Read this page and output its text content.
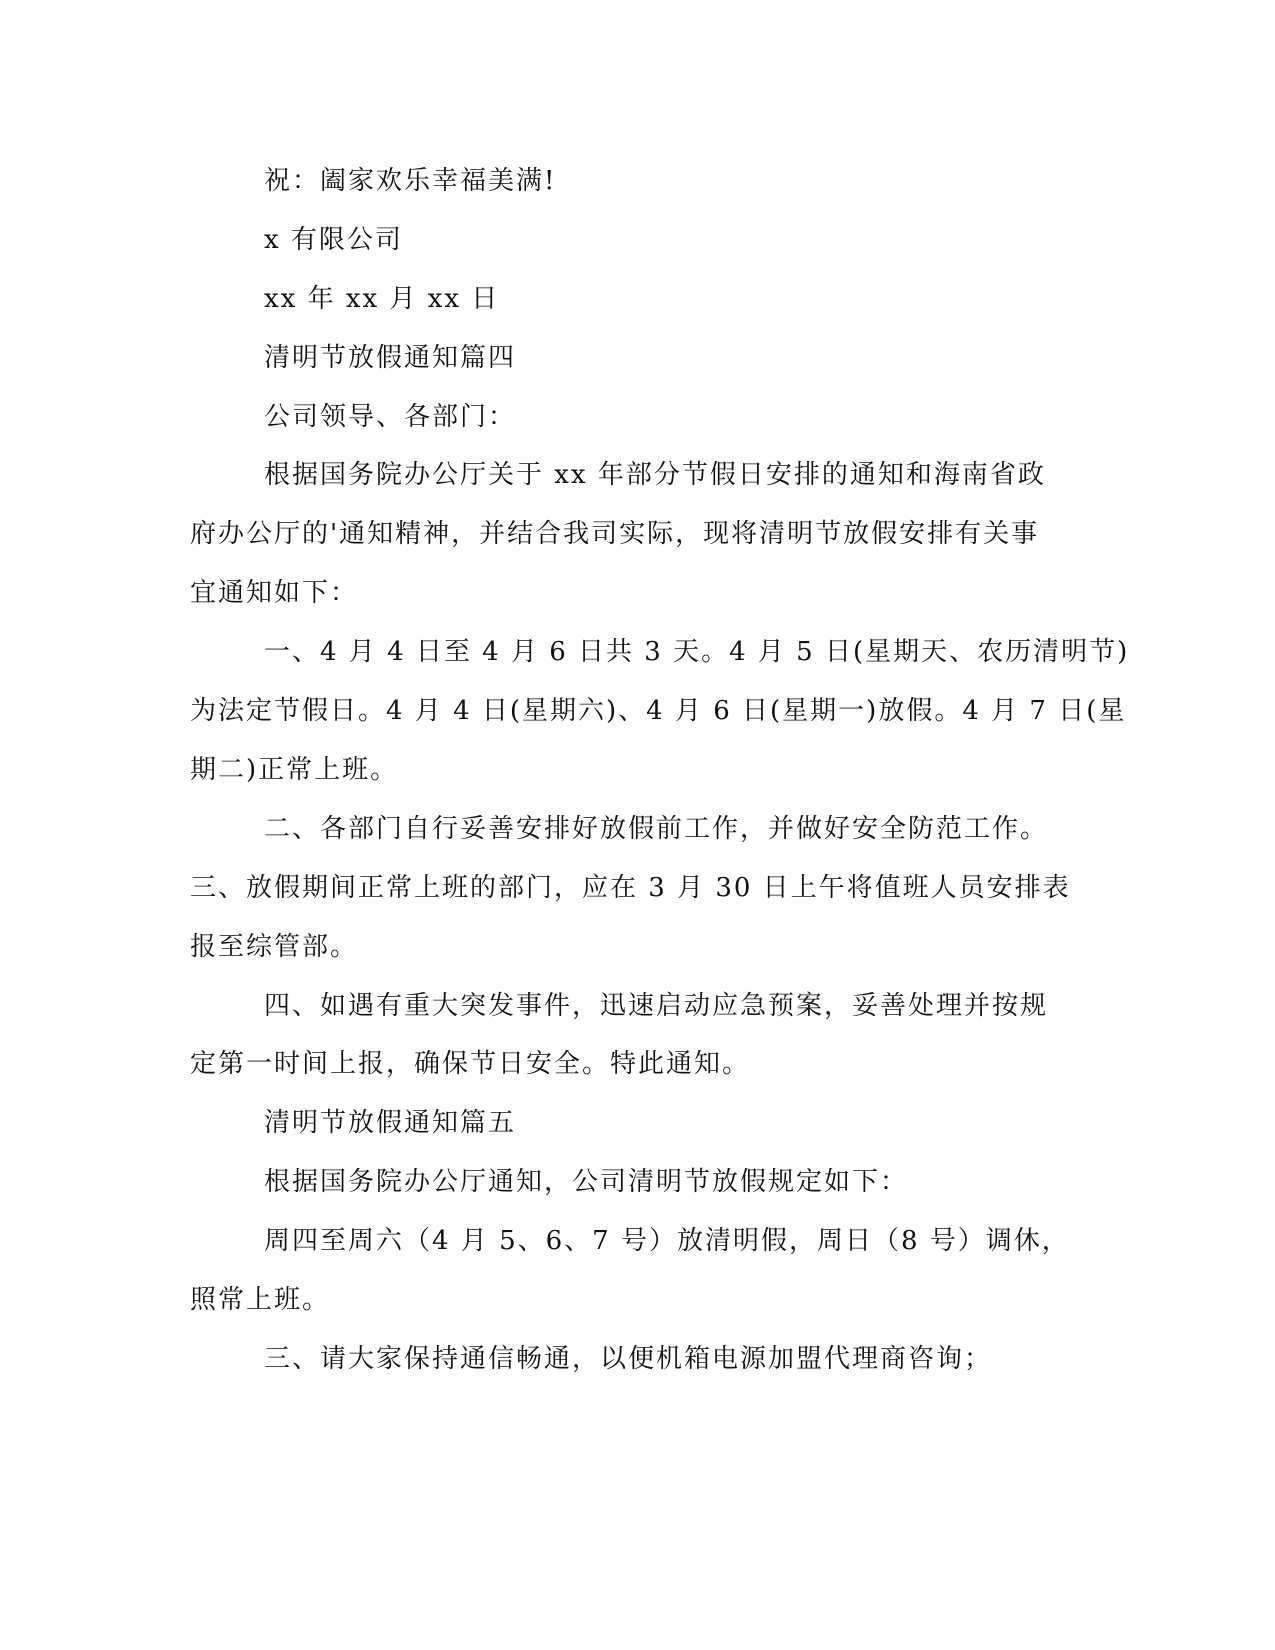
祝：阖家欢乐幸福美满!
x 有限公司
xx 年 xx 月 xx 日
清明节放假通知篇四
公司领导、各部门：
根据国务院办公厅关于 xx 年部分节假日安排的通知和海南省政
府办公厅的'通知精神，并结合我司实际，现将清明节放假安排有关事
宜通知如下：
一、4 月 4 日至 4 月 6 日共 3 天。4 月 5 日(星期天、农历清明节)
为法定节假日。4 月 4 日(星期六)、4 月 6 日(星期一)放假。4 月 7 日(星
期二)正常上班。
二、各部门自行妥善安排好放假前工作，并做好安全防范工作。
三、放假期间正常上班的部门，应在 3 月 30 日上午将值班人员安排表
报至综管部。
四、如遇有重大突发事件，迅速启动应急预案，妥善处理并按规
定第一时间上报，确保节日安全。特此通知。
清明节放假通知篇五
根据国务院办公厅通知，公司清明节放假规定如下：
周四至周六（4 月 5、6、7 号）放清明假，周日（8 号）调休，
照常上班。
三、请大家保持通信畅通，以便机箱电源加盟代理商咨询；
